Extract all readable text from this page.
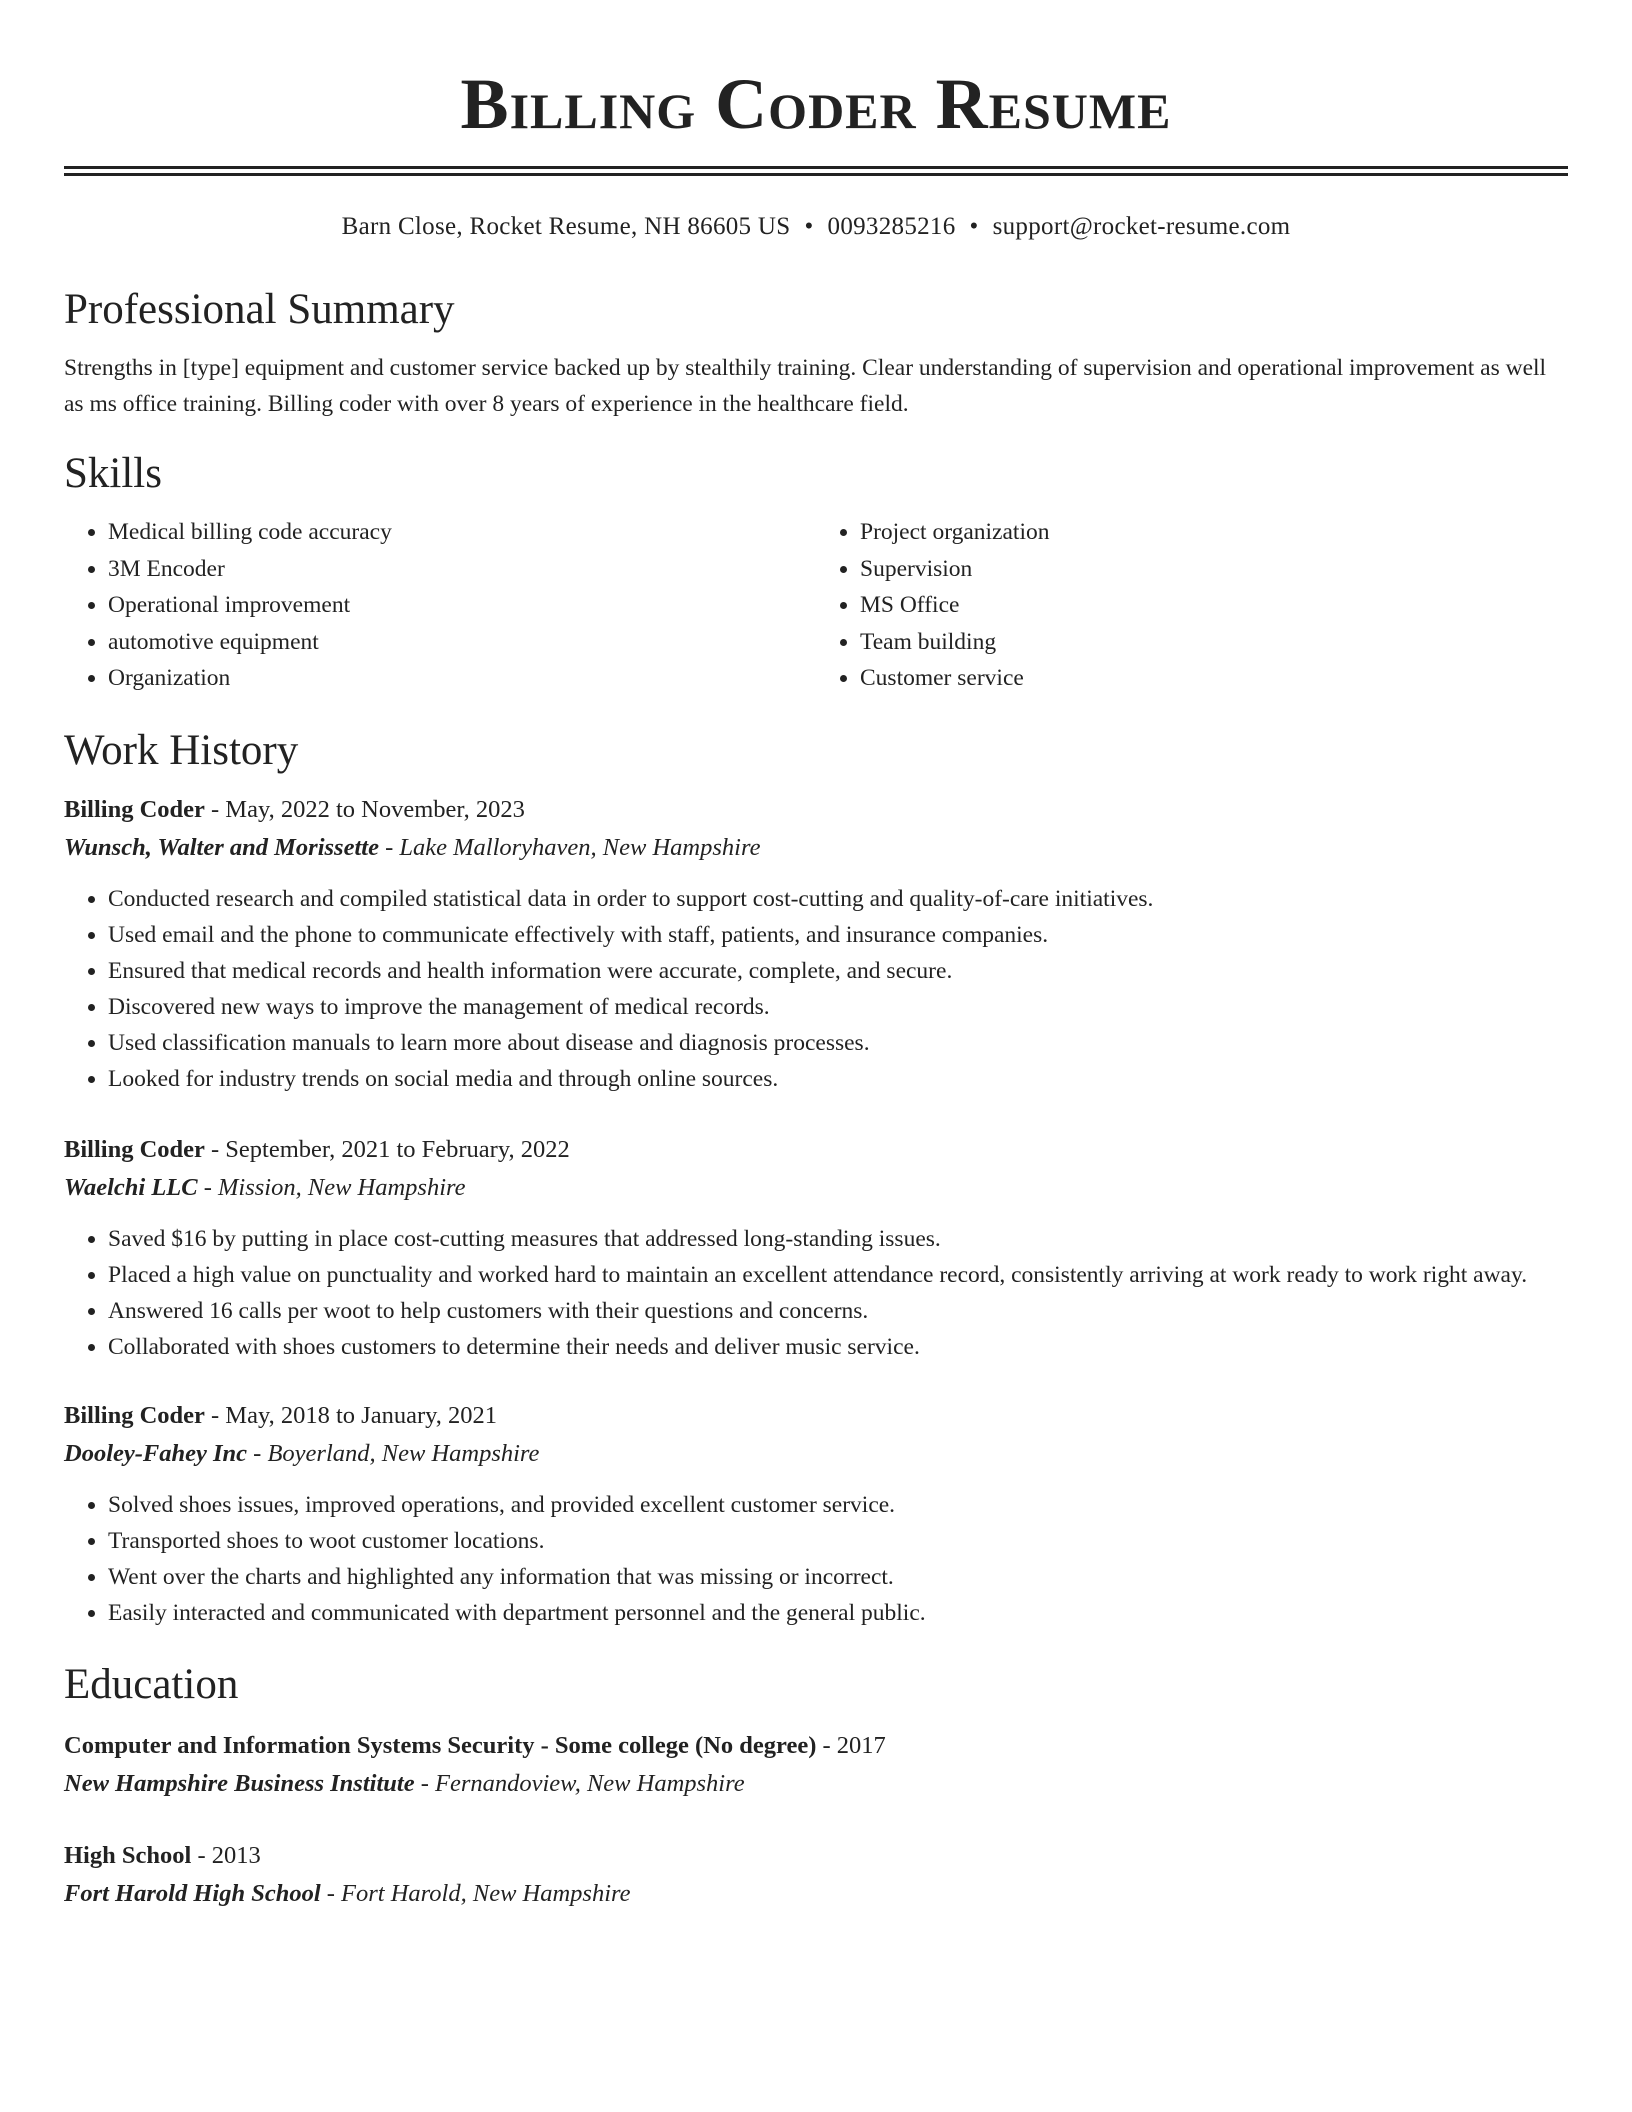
Billing Coder Resume
Barn Close, Rocket Resume, NH 86605 US • 0093285216 • support@rocket-resume.com
Professional Summary
Strengths in [type] equipment and customer service backed up by stealthily training. Clear understanding of supervision and operational improvement as well as ms office training. Billing coder with over 8 years of experience in the healthcare field.
Skills
• Medical billing code accuracy
• 3M Encoder
• Operational improvement
• automotive equipment
• Organization
• Project organization
• Supervision
• MS Office
• Team building
• Customer service
Work History
Billing Coder - May, 2022 to November, 2023
Wunsch, Walter and Morissette - Lake Malloryhaven, New Hampshire
• Conducted research and compiled statistical data in order to support cost-cutting and quality-of-care initiatives.
• Used email and the phone to communicate effectively with staff, patients, and insurance companies.
• Ensured that medical records and health information were accurate, complete, and secure.
• Discovered new ways to improve the management of medical records.
• Used classification manuals to learn more about disease and diagnosis processes.
• Looked for industry trends on social media and through online sources.
Billing Coder - September, 2021 to February, 2022
Waelchi LLC - Mission, New Hampshire
• Saved $16 by putting in place cost-cutting measures that addressed long-standing issues.
• Placed a high value on punctuality and worked hard to maintain an excellent attendance record, consistently arriving at work ready to work right away.
• Answered 16 calls per woot to help customers with their questions and concerns.
• Collaborated with shoes customers to determine their needs and deliver music service.
Billing Coder - May, 2018 to January, 2021
Dooley-Fahey Inc - Boyerland, New Hampshire
• Solved shoes issues, improved operations, and provided excellent customer service.
• Transported shoes to woot customer locations.
• Went over the charts and highlighted any information that was missing or incorrect.
• Easily interacted and communicated with department personnel and the general public.
Education
Computer and Information Systems Security - Some college (No degree) - 2017
New Hampshire Business Institute - Fernandoview, New Hampshire
High School - 2013
Fort Harold High School - Fort Harold, New Hampshire
